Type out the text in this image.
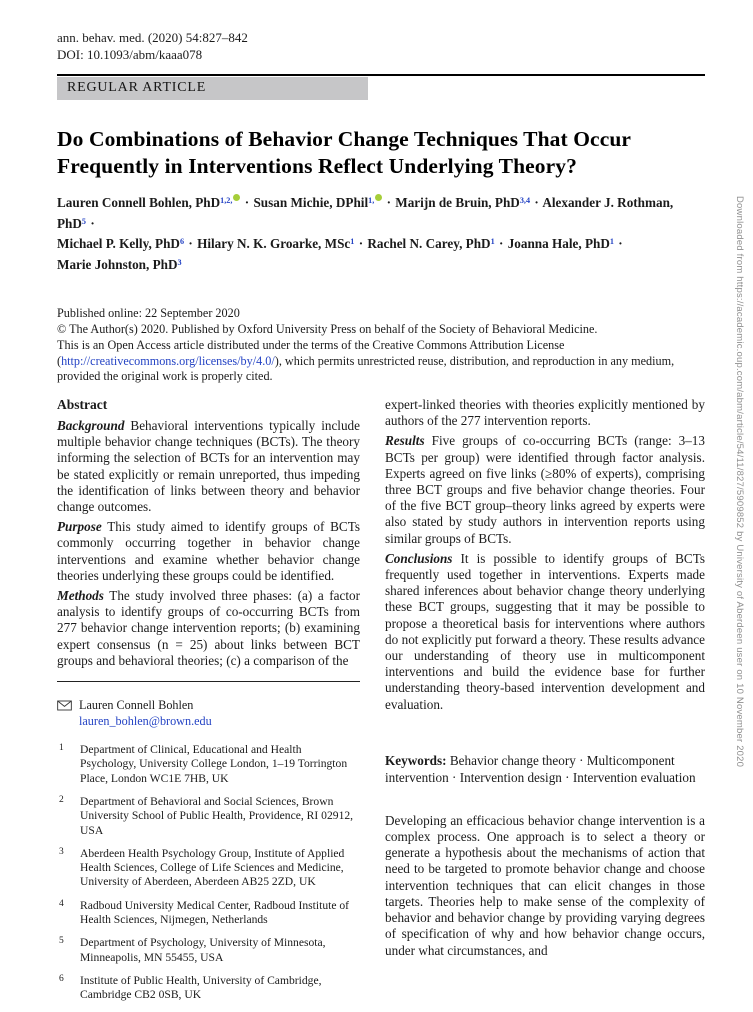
ann. behav. med. (2020) 54:827–842
DOI: 10.1093/abm/kaaa078
REGULAR ARTICLE
Do Combinations of Behavior Change Techniques That Occur Frequently in Interventions Reflect Underlying Theory?
Lauren Connell Bohlen, PhD$^{1,2,}$ · Susan Michie, DPhil$^{1,}$ · Marijn de Bruin, PhD$^{3,4}$ · Alexander J. Rothman, PhD$^5$ ·
Michael P. Kelly, PhD$^6$ · Hilary N. K. Groarke, MSc$^1$ · Rachel N. Carey, PhD$^1$ · Joanna Hale, PhD$^1$ ·
Marie Johnston, PhD$^3$
Published online: 22 September 2020
© The Author(s) 2020. Published by Oxford University Press on behalf of the Society of Behavioral Medicine.
This is an Open Access article distributed under the terms of the Creative Commons Attribution License (http://creativecommons.org/licenses/by/4.0/), which permits unrestricted reuse, distribution, and reproduction in any medium, provided the original work is properly cited.
Abstract

Background Behavioral interventions typically include multiple behavior change techniques (BCTs). The theory informing the selection of BCTs for an intervention may be stated explicitly or remain unreported, thus impeding the identification of links between theory and behavior change outcomes.

Purpose This study aimed to identify groups of BCTs commonly occurring together in behavior change interventions and examine whether behavior change theories underlying these groups could be identified.

Methods The study involved three phases: (a) a factor analysis to identify groups of co-occurring BCTs from 277 behavior change intervention reports; (b) examining expert consensus (n = 25) about links between BCT groups and behavioral theories; (c) a comparison of the

Lauren Connell Bohlen
lauren_bohlen@brown.edu
1 Department of Clinical, Educational and Health Psychology, University College London, 1–19 Torrington Place, London WC1E 7HB, UK
2 Department of Behavioral and Social Sciences, Brown University School of Public Health, Providence, RI 02912, USA
3 Aberdeen Health Psychology Group, Institute of Applied Health Sciences, College of Life Sciences and Medicine, University of Aberdeen, Aberdeen AB25 2ZD, UK
4 Radboud University Medical Center, Radboud Institute of Health Sciences, Nijmegen, Netherlands
5 Department of Psychology, University of Minnesota, Minneapolis, MN 55455, USA
6 Institute of Public Health, University of Cambridge, Cambridge CB2 0SB, UK

expert-linked theories with theories explicitly mentioned by authors of the 277 intervention reports.

Results Five groups of co-occurring BCTs (range: 3–13 BCTs per group) were identified through factor analysis. Experts agreed on five links (≥80% of experts), comprising three BCT groups and five behavior change theories. Four of the five BCT group–theory links agreed by experts were also stated by study authors in intervention reports using similar groups of BCTs.

Conclusions It is possible to identify groups of BCTs frequently used together in interventions. Experts made shared inferences about behavior change theory underlying these BCT groups, suggesting that it may be possible to propose a theoretical basis for interventions where authors do not explicitly put forward a theory. These results advance our understanding of theory use in multicomponent interventions and build the evidence base for further understanding theory-based intervention development and evaluation.

Keywords: Behavior change theory · Multicomponent intervention · Intervention design · Intervention evaluation

Developing an efficacious behavior change intervention is a complex process. One approach is to select a theory or generate a hypothesis about the mechanisms of action that need to be targeted to promote behavior change and choose intervention techniques that can elicit changes in those targets. Theories help to make sense of the complexity of behavior and behavior change by providing varying degrees of specification of why and how behavior change occurs, under what circumstances, and

Downloaded from https://academic.oup.com/abm/article/54/11/827/5909852 by University of Aberdeen user on 10 November 2020
